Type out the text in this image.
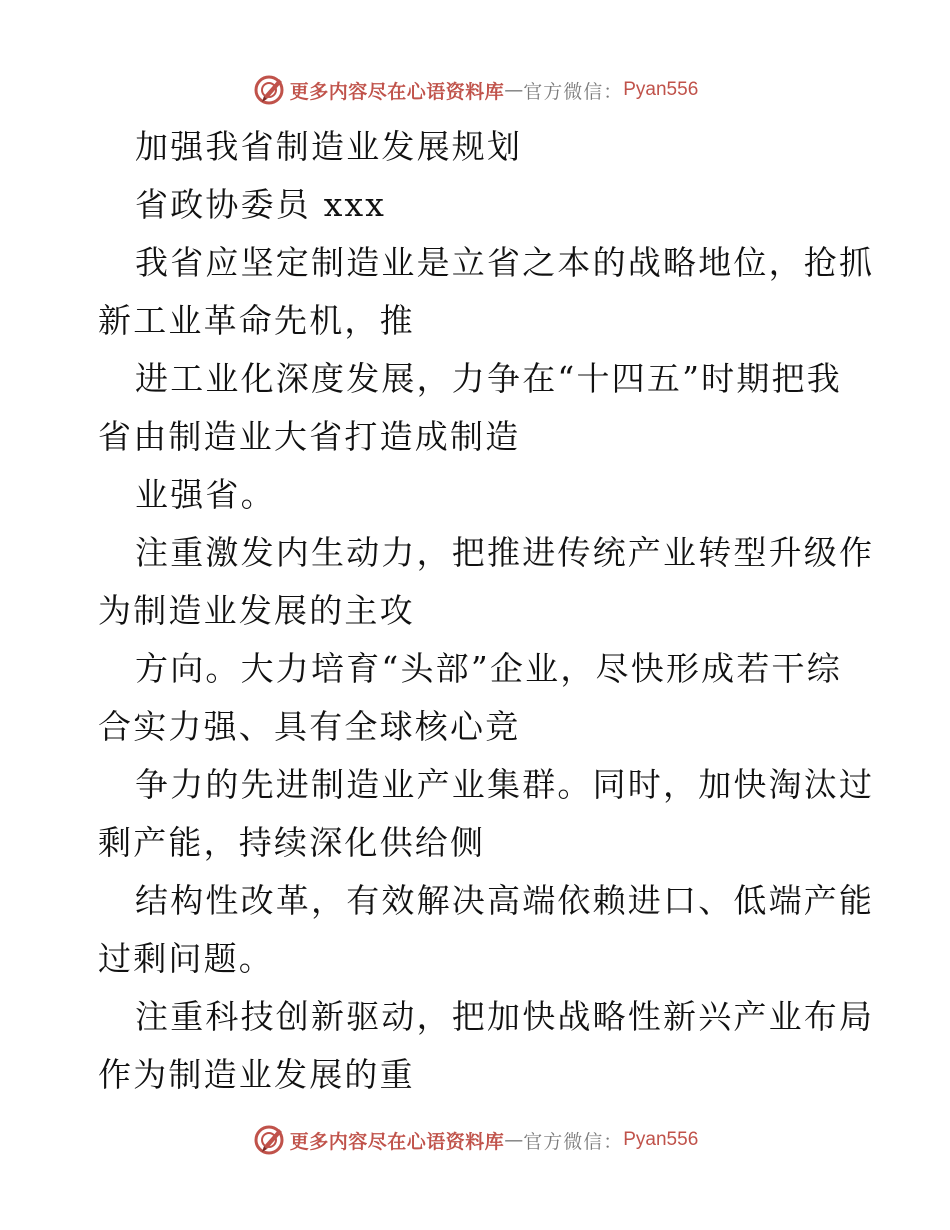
更多内容尽在心语资料库 — 官方微信： Pyan556
加强我省制造业发展规划
省政协委员 xxx
我省应坚定制造业是立省之本的战略地位，抢抓
新工业革命先机，推
进工业化深度发展，力争在“十四五”时期把我
省由制造业大省打造成制造
业强省。
注重激发内生动力，把推进传统产业转型升级作
为制造业发展的主攻
方向。大力培育“头部”企业，尽快形成若干综
合实力强、具有全球核心竞
争力的先进制造业产业集群。同时，加快淘汰过
剩产能，持续深化供给侧
结构性改革，有效解决高端依赖进口、低端产能
过剩问题。
注重科技创新驱动，把加快战略性新兴产业布局
作为制造业发展的重
更多内容尽在心语资料库 — 官方微信： Pyan556
